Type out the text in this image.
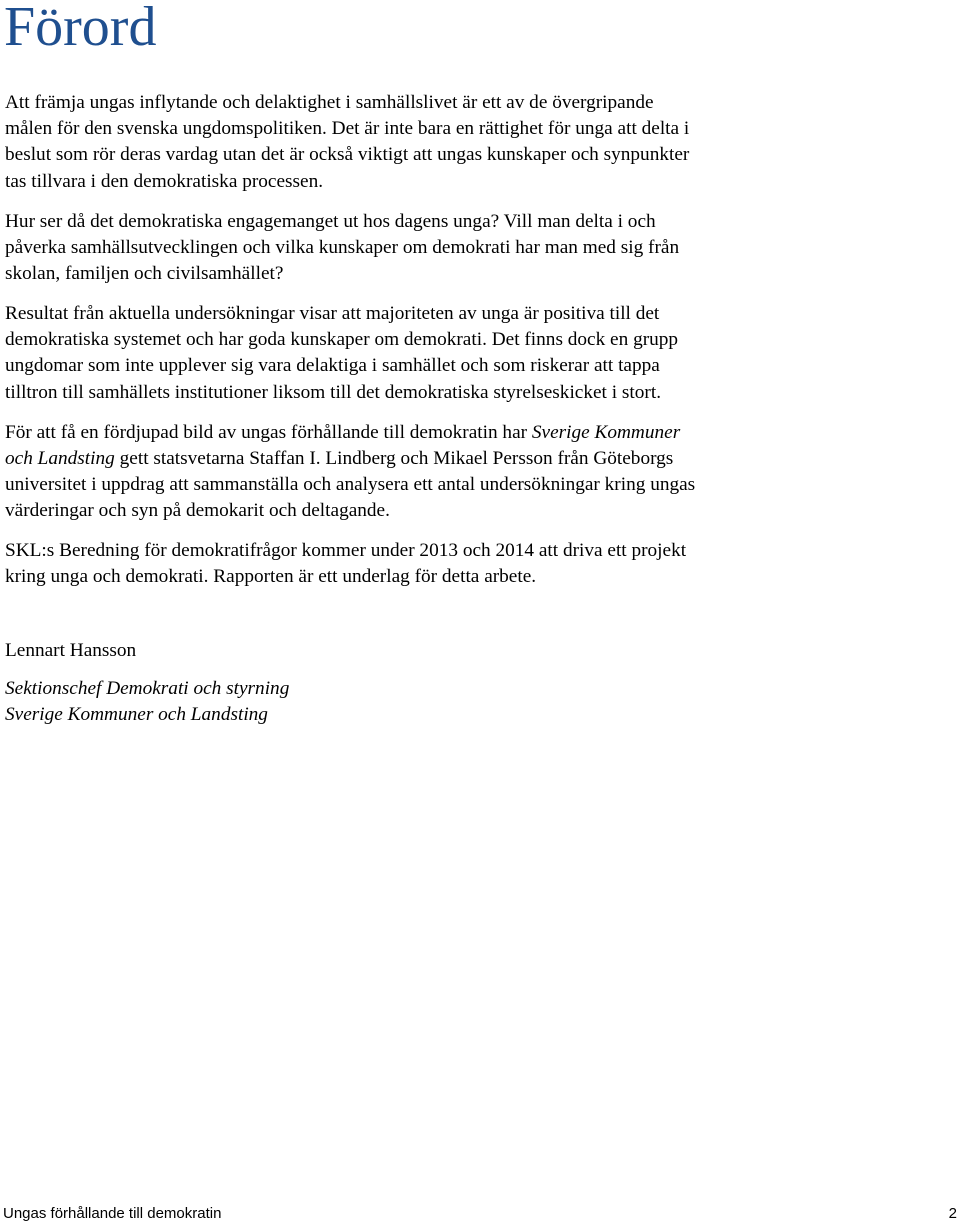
Förord

Att främja ungas inflytande och delaktighet i samhällslivet är ett av de övergripande
målen för den svenska ungdomspolitiken. Det är inte bara en rättighet för unga att delta i
beslut som rör deras vardag utan det är också viktigt att ungas kunskaper och synpunkter
tas tillvara i den demokratiska processen.

Hur ser då det demokratiska engagemanget ut hos dagens unga? Vill man delta i och
påverka samhällsutvecklingen och vilka kunskaper om demokrati har man med sig från
skolan, familjen och civilsamhället?

Resultat från aktuella undersökningar visar att majoriteten av unga är positiva till det
demokratiska systemet och har goda kunskaper om demokrati. Det finns dock en grupp
ungdomar som inte upplever sig vara delaktiga i samhället och som riskerar att tappa
tilltron till samhällets institutioner liksom till det demokratiska styrelseskicket i stort.

För att få en fördjupad bild av ungas förhållande till demokratin har Sverige Kommuner
och Landsting gett statsvetarna Staffan I. Lindberg och Mikael Persson från Göteborgs
universitet i uppdrag att sammanställa och analysera ett antal undersökningar kring ungas
värderingar och syn på demokarit och deltagande.

SKL:s Beredning för demokratifrågor kommer under 2013 och 2014 att driva ett projekt
kring unga och demokrati. Rapporten är ett underlag för detta arbete.

Lennart Hansson

Sektionschef Demokrati och styrning

Sverige Kommuner och Landsting

Ungas förhållande till demokratin	2
